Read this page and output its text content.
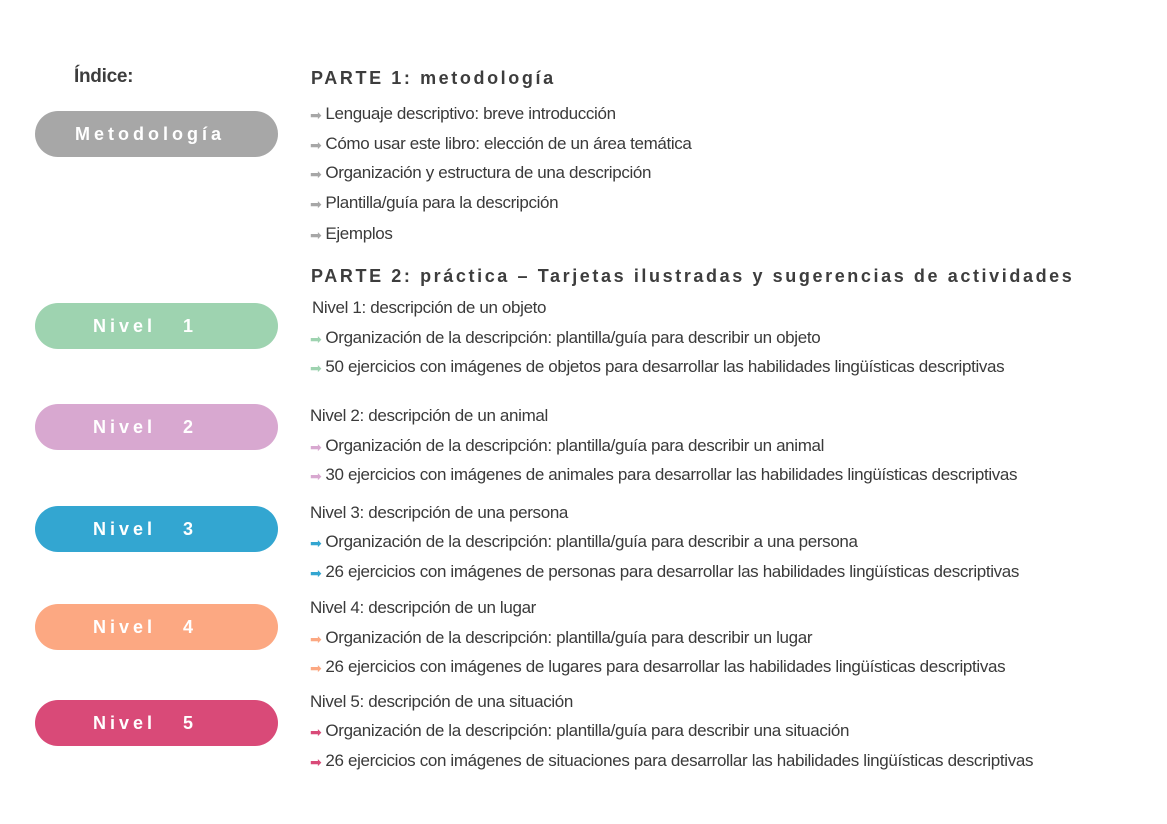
Índice:	PARTE 1: metodología
Metodología
➡ Lenguaje descriptivo: breve introducción
➡ Cómo usar este libro: elección de un área temática
➡ Organización y estructura de una descripción
➡ Plantilla/guía para la descripción
➡ Ejemplos
PARTE 2: práctica – Tarjetas ilustradas y sugerencias de actividades
Nivel   1
Nivel 1: descripción de un objeto
➡ Organización de la descripción: plantilla/guía para describir un objeto
➡ 50 ejercicios con imágenes de objetos para desarrollar las habilidades lingüísticas descriptivas
Nivel   2
Nivel 2: descripción de un animal
➡ Organización de la descripción: plantilla/guía para describir un animal
➡ 30 ejercicios con imágenes de animales para desarrollar las habilidades lingüísticas descriptivas
Nivel   3
Nivel 3: descripción de una persona
➡ Organización de la descripción: plantilla/guía para describir a una persona
➡ 26 ejercicios con imágenes de personas para desarrollar las habilidades lingüísticas descriptivas
Nivel   4
Nivel 4: descripción de un lugar
➡ Organización de la descripción: plantilla/guía para describir un lugar
➡ 26 ejercicios con imágenes de lugares para desarrollar las habilidades lingüísticas descriptivas
Nivel   5
Nivel 5: descripción de una situación
➡ Organización de la descripción: plantilla/guía para describir una situación
➡ 26 ejercicios con imágenes de situaciones para desarrollar las habilidades lingüísticas descriptivas
